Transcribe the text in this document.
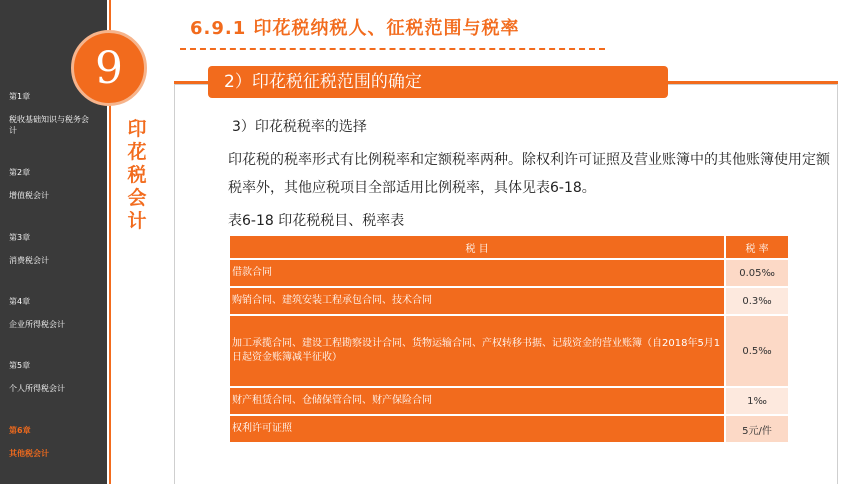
第1章
税收基础知识与税务会计
第2章
增值税会计
第3章
消费税会计
第4章
企业所得税会计
第5章
个人所得税会计
第6章
其他税会计
9
印花税会计
6.9.1 印花税纳税人、征税范围与税率
2）印花税征税范围的确定
3）印花税税率的选择
印花税的税率形式有比例税率和定额税率两种。除权利许可证照及营业账簿中的其他账簿使用定额税率外，其他应税项目全部适用比例税率，具体见表6-18。
表6-18 印花税税目、税率表
税 目	税 率
借款合同	0.05‰
购销合同、建筑安装工程承包合同、技术合同	0.3‰
加工承揽合同、建设工程勘察设计合同、货物运输合同、产权转移书据、记载资金的营业账簿（自2018年5月1日起资金账簿减半征收）	0.5‰
财产租赁合同、仓储保管合同、财产保险合同	1‰
权利许可证照	5元/件
